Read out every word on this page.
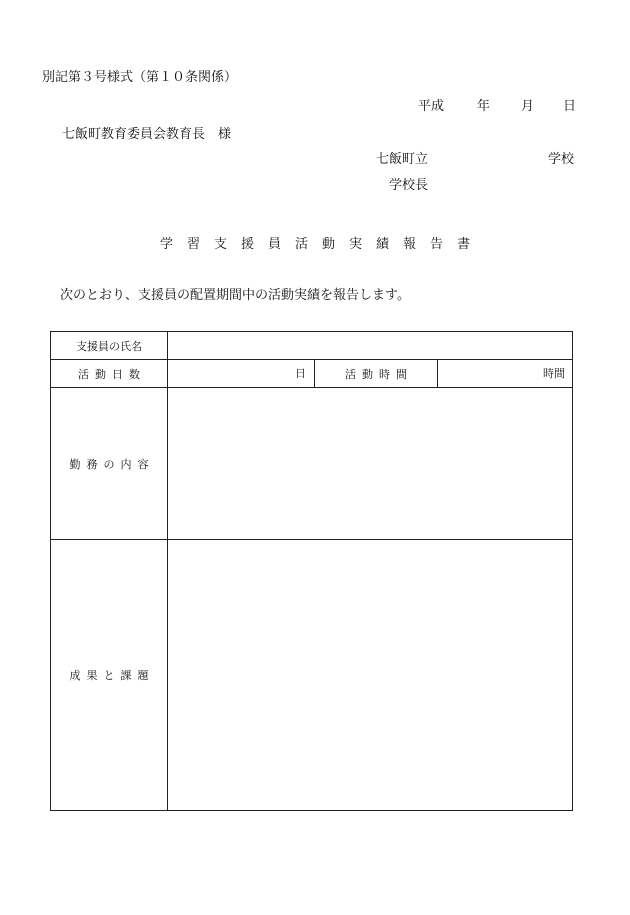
別記第３号様式（第１０条関係）
平成	年 月 日
七飯町教育委員会教育長　様
七飯町立	学校
学校長
学習支援員活動実績報告書
次のとおり、支援員の配置期間中の活動実績を報告します。
支援員の氏名
活動日数	日	活動時間	時間
勤務の内容
成果と課題
